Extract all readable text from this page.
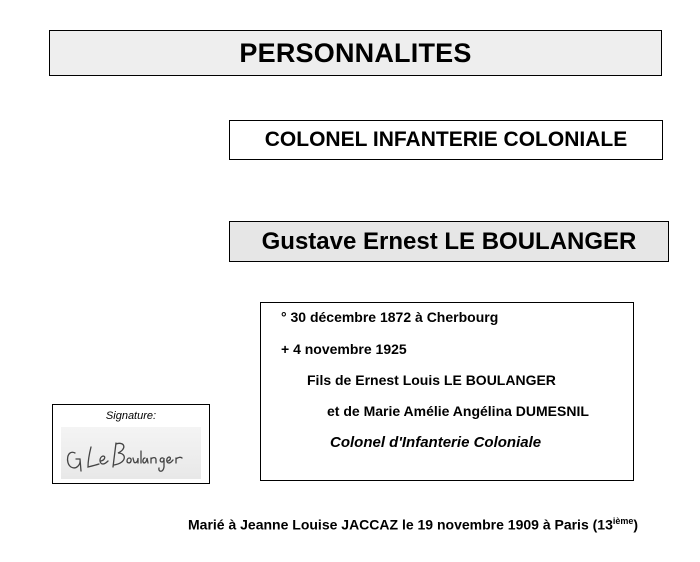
PERSONNALITES
COLONEL INFANTERIE COLONIALE
Gustave Ernest LE BOULANGER
° 30 décembre 1872 à Cherbourg
+ 4 novembre 1925
Fils de Ernest Louis LE BOULANGER
et de Marie Amélie Angélina DUMESNIL
Colonel d'Infanterie Coloniale
Signature:
Marié à Jeanne Louise JACCAZ le 19 novembre 1909 à Paris (13ième)
